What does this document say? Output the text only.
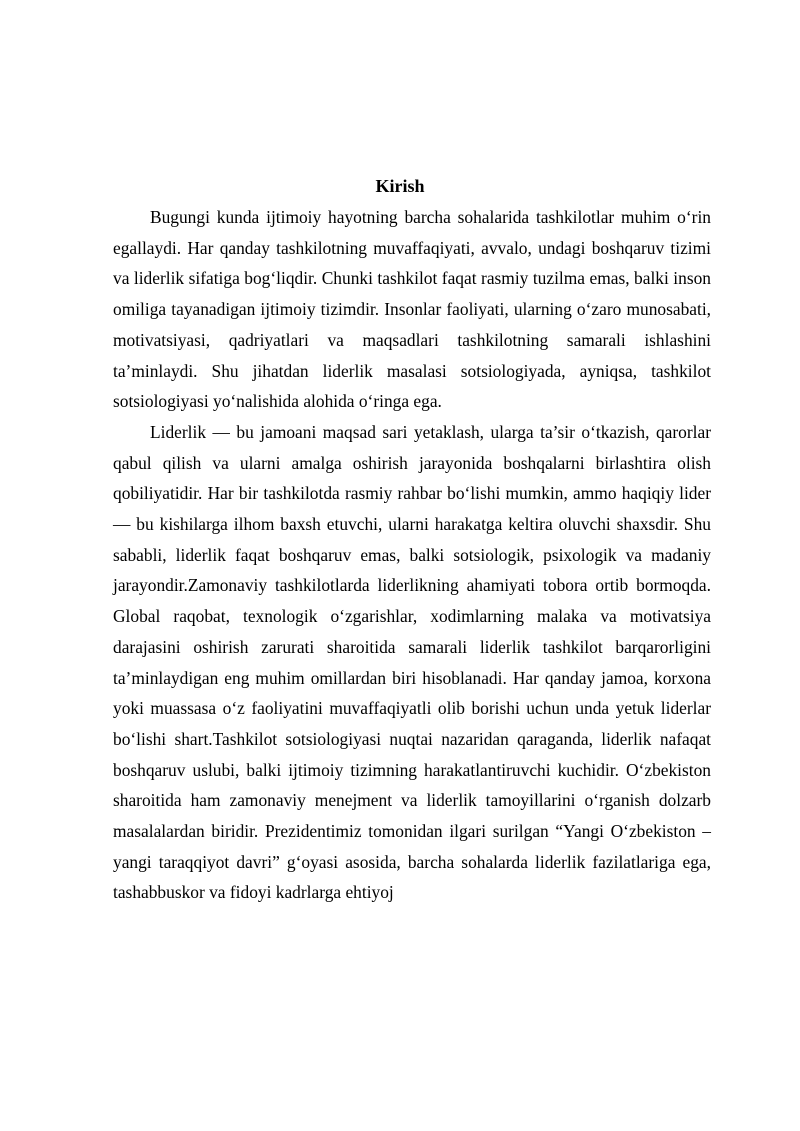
Kirish

Bugungi kunda ijtimoiy hayotning barcha sohalarida tashkilotlar muhim o‘rin egallaydi. Har qanday tashkilotning muvaffaqiyati, avvalo, undagi boshqaruv tizimi va liderlik sifatiga bog‘liqdir. Chunki tashkilot faqat rasmiy tuzilma emas, balki inson omiliga tayanadigan ijtimoiy tizimdir. Insonlar faoliyati, ularning o‘zaro munosabati, motivatsiyasi, qadriyatlari va maqsadlari tashkilotning samarali ishlashini ta’minlaydi. Shu jihatdan liderlik masalasi sotsiologiyada, ayniqsa, tashkilot sotsiologiyasi yo‘nalishida alohida o‘ringa ega.

Liderlik — bu jamoani maqsad sari yetaklash, ularga ta’sir o‘tkazish, qarorlar qabul qilish va ularni amalga oshirish jarayonida boshqalarni birlashtira olish qobiliyatidir. Har bir tashkilotda rasmiy rahbar bo‘lishi mumkin, ammo haqiqiy lider — bu kishilarga ilhom baxsh etuvchi, ularni harakatga keltira oluvchi shaxsdir. Shu sababli, liderlik faqat boshqaruv emas, balki sotsiologik, psixologik va madaniy jarayondir.Zamonaviy tashkilotlarda liderlikning ahamiyati tobora ortib bormoqda. Global raqobat, texnologik o‘zgarishlar, xodimlarning malaka va motivatsiya darajasini oshirish zarurati sharoitida samarali liderlik tashkilot barqarorligini ta’minlaydigan eng muhim omillardan biri hisoblanadi. Har qanday jamoa, korxona yoki muassasa o‘z faoliyatini muvaffaqiyatli olib borishi uchun unda yetuk liderlar bo‘lishi shart.Tashkilot sotsiologiyasi nuqtai nazaridan qaraganda, liderlik nafaqat boshqaruv uslubi, balki ijtimoiy tizimning harakatlantiruvchi kuchidir. O‘zbekiston sharoitida ham zamonaviy menejment va liderlik tamoyillarini o‘rganish dolzarb masalalardan biridir. Prezidentimiz tomonidan ilgari surilgan “Yangi O‘zbekiston – yangi taraqqiyot davri” g‘oyasi asosida, barcha sohalarda liderlik fazilatlariga ega, tashabbuskor va fidoyi kadrlarga ehtiyoj
